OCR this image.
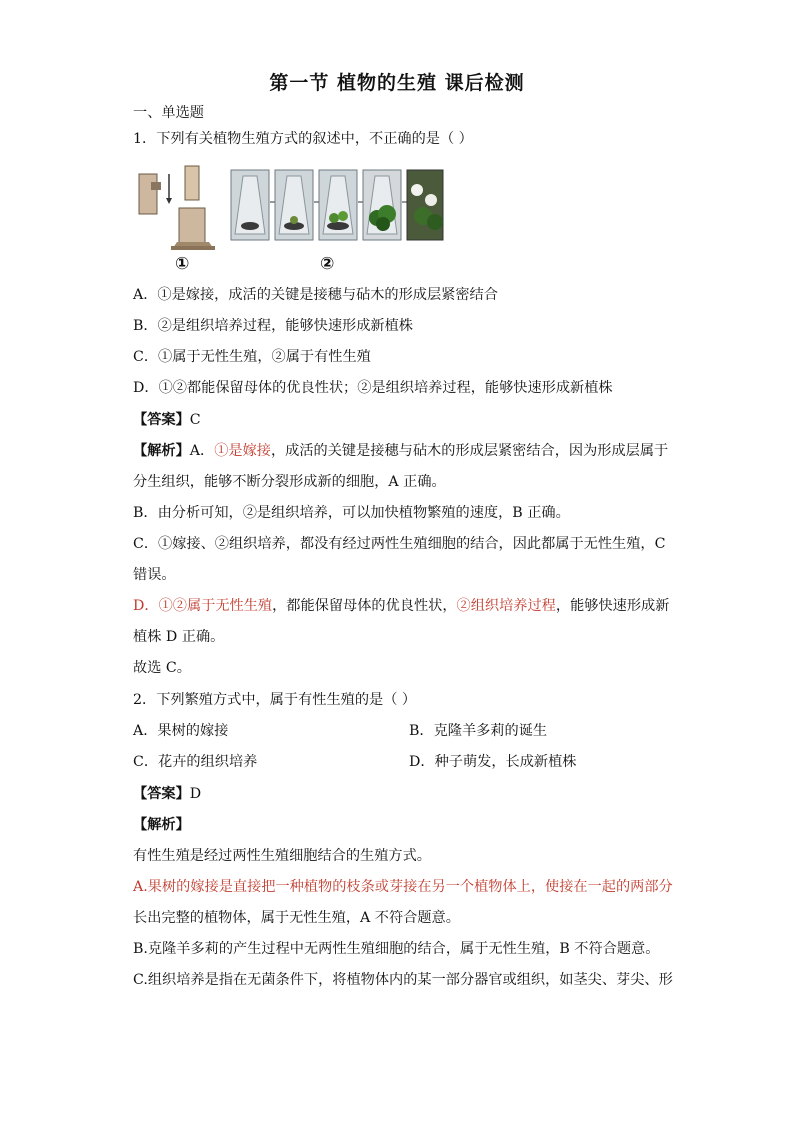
第一节 植物的生殖 课后检测
一、单选题
1．下列有关植物生殖方式的叙述中，不正确的是（ ）
①	②
A．①是嫁接，成活的关键是接穗与砧木的形成层紧密结合
B．②是组织培养过程，能够快速形成新植株
C．①属于无性生殖，②属于有性生殖
D．①②都能保留母体的优良性状；②是组织培养过程，能够快速形成新植株
【答案】C
【解析】A．①是嫁接，成活的关键是接穗与砧木的形成层紧密结合，因为形成层属于
分生组织，能够不断分裂形成新的细胞，A 正确。
B．由分析可知，②是组织培养，可以加快植物繁殖的速度，B 正确。
C．①嫁接、②组织培养，都没有经过两性生殖细胞的结合，因此都属于无性生殖，C
错误。
D．①②属于无性生殖，都能保留母体的优良性状，②组织培养过程，能够快速形成新
植株 D 正确。
故选 C。
2．下列繁殖方式中，属于有性生殖的是（ ）
A．果树的嫁接	B．克隆羊多莉的诞生
C．花卉的组织培养	D．种子萌发，长成新植株
【答案】D
【解析】
有性生殖是经过两性生殖细胞结合的生殖方式。
A.果树的嫁接是直接把一种植物的枝条或芽接在另一个植物体上，使接在一起的两部分
长出完整的植物体，属于无性生殖，A 不符合题意。
B.克隆羊多莉的产生过程中无两性生殖细胞的结合，属于无性生殖，B 不符合题意。
C.组织培养是指在无菌条件下，将植物体内的某一部分器官或组织，如茎尖、芽尖、形
